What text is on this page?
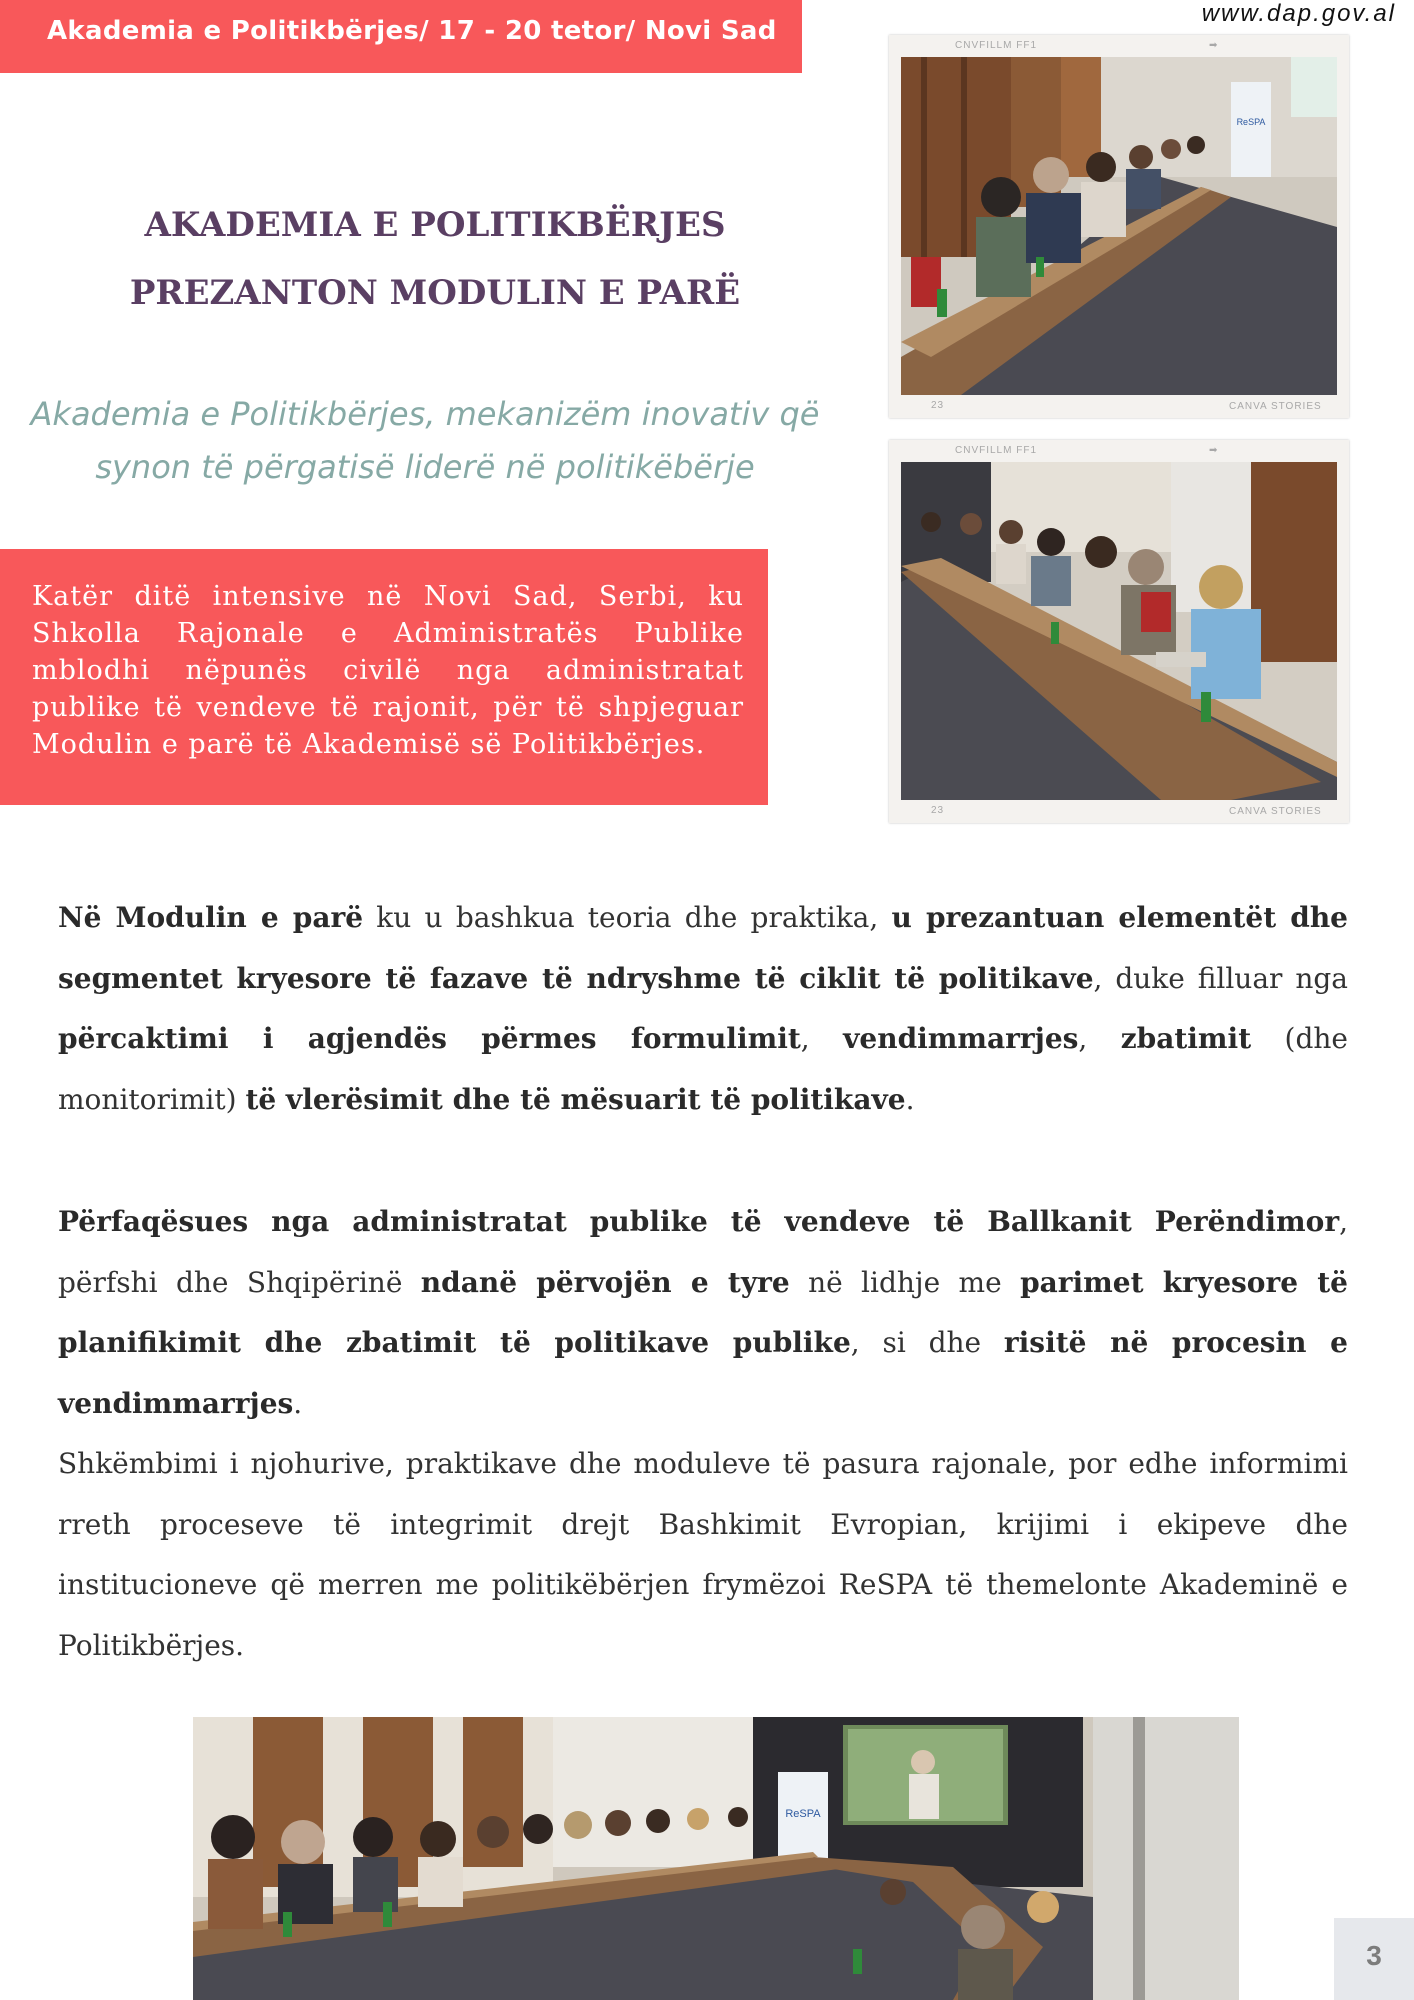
Akademia e Politikbërjes/ 17 - 20 tetor/ Novi Sad
www.dap.gov.al
AKADEMIA E POLITIKBËRJES
PREZANTON MODULIN E PARË
Akademia e Politikbërjes, mekanizëm inovativ që synon të përgatisë liderë në politikëbërje
Katër ditë intensive në Novi Sad, Serbi, ku Shkolla Rajonale e Administratës Publike mblodhi nëpunës civilë nga administratat publike të vendeve të rajonit, për të shpjeguar Modulin e parë të Akademisë së Politikbërjes.
CNVFILLM FF1	➡
23	CANVA STORIES
ReSPA
CNVFILLM FF1	➡
23	CANVA STORIES
Në Modulin e parë ku u bashkua teoria dhe praktika, u prezantuan elementët dhe segmentet kryesore të fazave të ndryshme të ciklit të politikave, duke filluar nga përcaktimi i agjendës përmes formulimit, vendimmarrjes, zbatimit (dhe monitorimit) të vlerësimit dhe të mësuarit të politikave.
Përfaqësues nga administratat publike të vendeve të Ballkanit Perëndimor, përfshi dhe Shqipërinë ndanë përvojën e tyre në lidhje me parimet kryesore të planifikimit dhe zbatimit të politikave publike, si dhe risitë në procesin e vendimmarrjes.
Shkëmbimi i njohurive, praktikave dhe moduleve të pasura rajonale, por edhe informimi rreth proceseve të integrimit drejt Bashkimit Evropian, krijimi i ekipeve dhe institucioneve që merren me politikëbërjen frymëzoi ReSPA të themelonte Akademinë e Politikbërjes.
ReSPA
3
